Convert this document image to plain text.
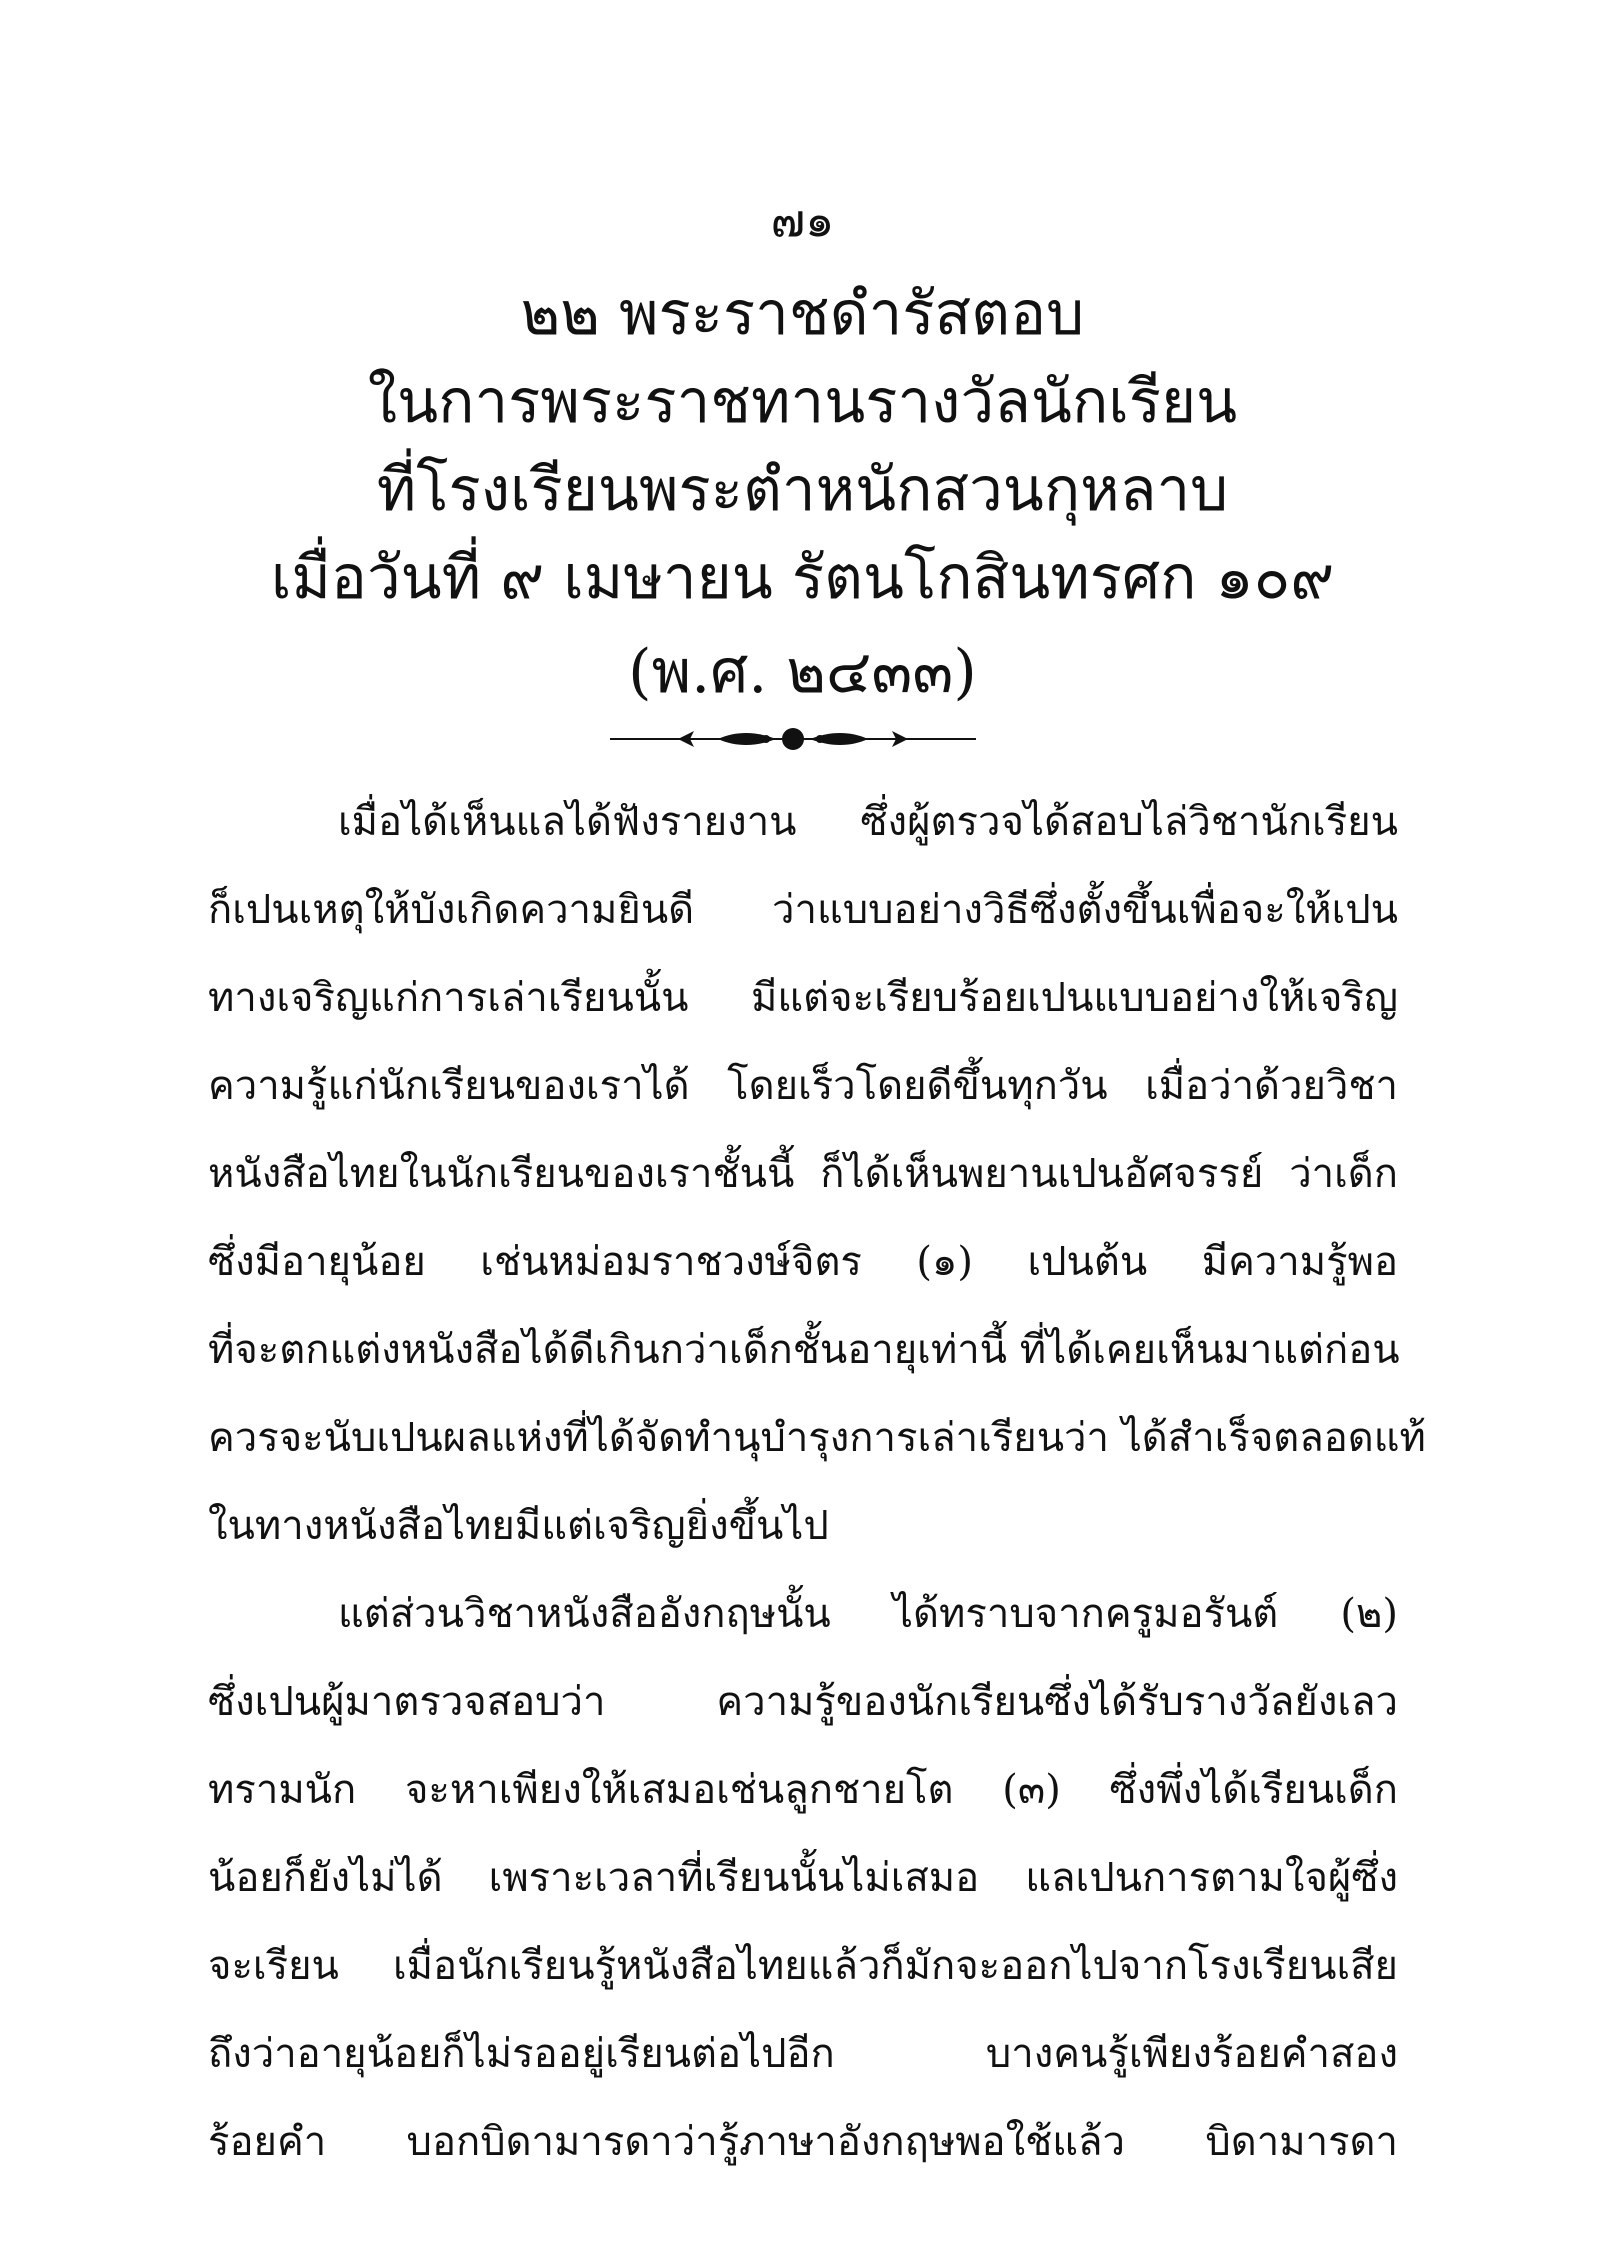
๗๑
๒๒ พระราชดำรัสตอบ
ในการพระราชทานรางวัลนักเรียน
ที่โรงเรียนพระตำหนักสวนกุหลาบ
เมื่อวันที่ ๙ เมษายน รัตนโกสินทรศก ๑๐๙
(พ.ศ. ๒๔๓๓)

เมื่อได้เห็นแลได้ฟังรายงาน ซึ่งผู้ตรวจได้สอบไล่วิชานักเรียน

ก็เปนเหตุให้บังเกิดความยินดี ว่าแบบอย่างวิธีซึ่งตั้งขึ้นเพื่อจะให้เปน

ทางเจริญแก่การเล่าเรียนนั้น มีแต่จะเรียบร้อยเปนแบบอย่างให้เจริญ

ความรู้แก่นักเรียนของเราได้ โดยเร็วโดยดีขึ้นทุกวัน เมื่อว่าด้วยวิชา

หนังสือไทยในนักเรียนของเราชั้นนี้ ก็ได้เห็นพยานเปนอัศจรรย์ ว่าเด็ก

ซึ่งมีอายุน้อย เช่นหม่อมราชวงษ์จิตร (๑) เปนต้น มีความรู้พอ

ที่จะตกแต่งหนังสือได้ดีเกินกว่าเด็กชั้นอายุเท่านี้ ที่ได้เคยเห็นมาแต่ก่อน

ควรจะนับเปนผลแห่งที่ได้จัดทำนุบำรุงการเล่าเรียนว่า ได้สำเร็จตลอดแท้

ในทางหนังสือไทยมีแต่เจริญยิ่งขึ้นไป

แต่ส่วนวิชาหนังสืออังกฤษนั้น ได้ทราบจากครูมอรันต์ (๒)

ซึ่งเปนผู้มาตรวจสอบว่า ความรู้ของนักเรียนซึ่งได้รับรางวัลยังเลว

ทรามนัก จะหาเพียงให้เสมอเช่นลูกชายโต (๓) ซึ่งพึ่งได้เรียนเด็ก

น้อยก็ยังไม่ได้ เพราะเวลาที่เรียนนั้นไม่เสมอ แลเปนการตามใจผู้ซึ่ง

จะเรียน เมื่อนักเรียนรู้หนังสือไทยแล้วก็มักจะออกไปจากโรงเรียนเสีย

ถึงว่าอายุน้อยก็ไม่รออยู่เรียนต่อไปอีก บางคนรู้เพียงร้อยคำสอง

ร้อยคำ บอกบิดามารดาว่ารู้ภาษาอังกฤษพอใช้แล้ว บิดามารดา
